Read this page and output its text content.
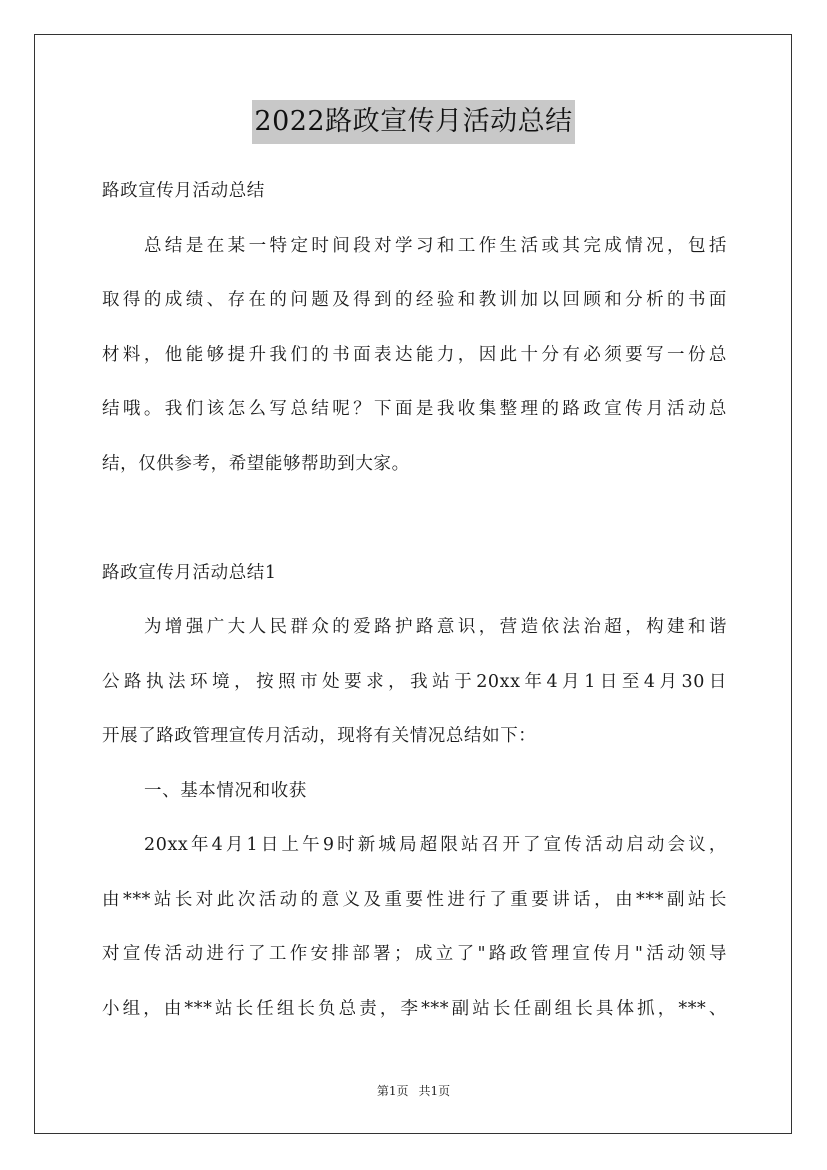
2022路政宣传月活动总结
路政宣传月活动总结
总结是在某一特定时间段对学习和工作生活或其完成情况，包括
取得的成绩、存在的问题及得到的经验和教训加以回顾和分析的书面
材料，他能够提升我们的书面表达能力，因此十分有必须要写一份总
结哦。我们该怎么写总结呢？下面是我收集整理的路政宣传月活动总
结，仅供参考，希望能够帮助到大家。
路政宣传月活动总结1
为增强广大人民群众的爱路护路意识，营造依法治超，构建和谐
公路执法环境，按照市处要求，我站于20xx年4月1日至4月30日
开展了路政管理宣传月活动，现将有关情况总结如下：
一、基本情况和收获
20xx年4月1日上午9时新城局超限站召开了宣传活动启动会议，
由***站长对此次活动的意义及重要性进行了重要讲话，由***副站长
对宣传活动进行了工作安排部署；成立了"路政管理宣传月"活动领导
小组，由***站长任组长负总责，李***副站长任副组长具体抓，***、
第1页 共1页
